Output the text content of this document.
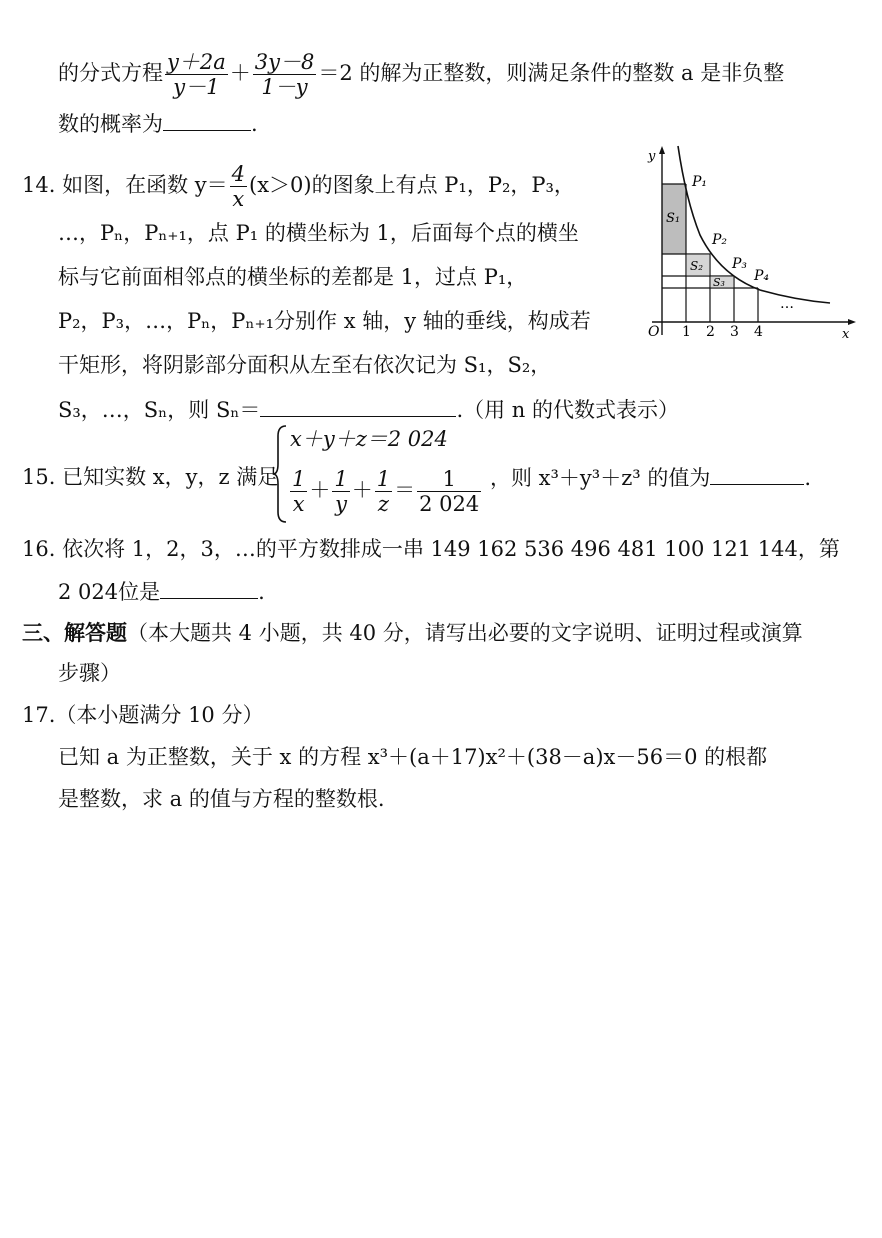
的分式方程 $\frac{y+2a}{y-1} + \frac{3y-8}{1-y} =2$ 的解为正整数，则满足条件的整数 a 是非负整
数的概率为	.
14. 如图，在函数 $y= \frac{4}{x} (x>0)$的图象上有点 P₁，P₂，P₃，
…，Pₙ，Pₙ₊₁，点 P₁ 的横坐标为 1，后面每个点的横坐
标与它前面相邻点的横坐标的差都是 1，过点 P₁，
P₂，P₃，…，Pₙ，Pₙ₊₁分别作 x 轴，y 轴的垂线，构成若
干矩形，将阴影部分面积从左至右依次记为 S₁，S₂，
S₃，…，Sₙ，则 Sₙ＝	.（用 n 的代数式表示）
y
x
O 1 2 3 4
P₁
P₂
P₃
P₄
S₁
S₂
S₃
…
15. 已知实数 x，y，z 满足
x＋y＋z＝2 024
$\frac{1}{x} + \frac{1}{y} + \frac{1}{z} = \frac{1}{2 024}$ ，则 x³＋y³＋z³ 的值为	.
16. 依次将 1，2，3，…的平方数排成一串 149 162 536 496 481 100 121 144，第
2 024位是	.
三、解答题（本大题共 4 小题，共 40 分，请写出必要的文字说明、证明过程或演算
步骤）
17.（本小题满分 10 分）
已知 a 为正整数，关于 x 的方程 x³＋(a＋17)x²＋(38－a)x－56＝0 的根都
是整数，求 a 的值与方程的整数根.
